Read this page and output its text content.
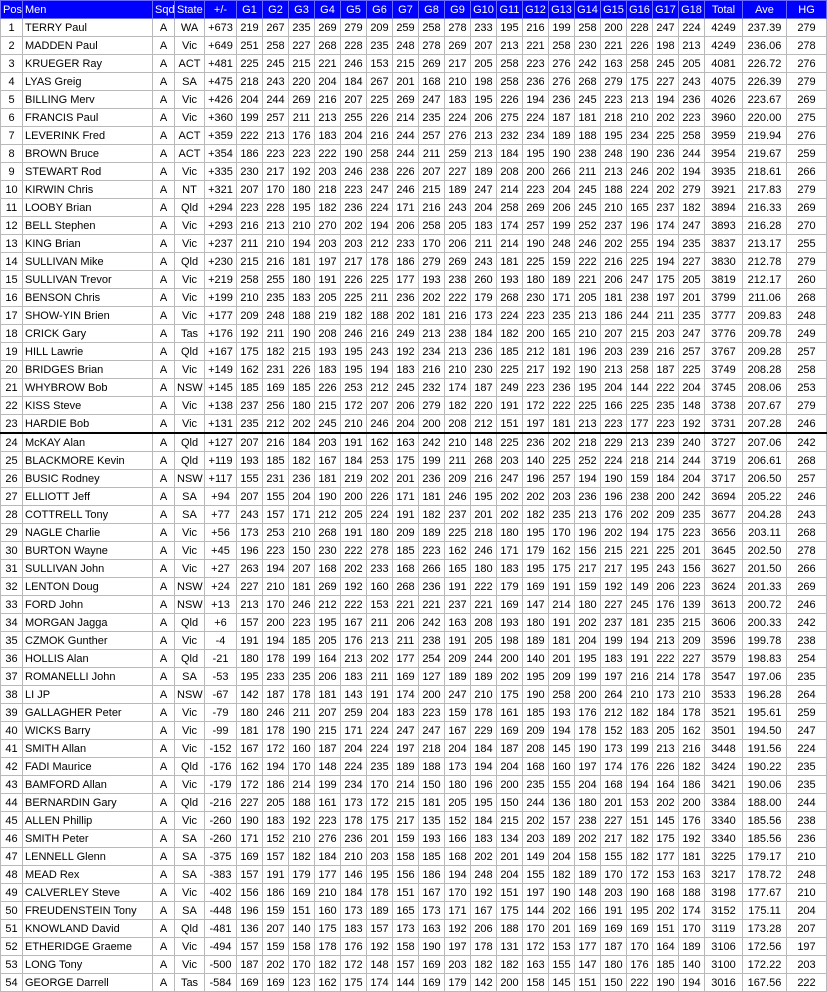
Pos	Men	Sqd	State	+/-	G1	G2	G3	G4	G5	G6	G7	G8	G9	G10	G11	G12	G13	G14	G15	G16	G17	G18	Total	Ave	HG
1	TERRY Paul	A	WA	+673	219	267	235	269	279	209	259	258	278	233	195	216	199	258	200	228	247	224	4249	237.39	279
2	MADDEN Paul	A	Vic	+649	251	258	227	268	228	235	248	278	269	207	213	221	258	230	221	226	198	213	4249	236.06	278
3	KRUEGER Ray	A	ACT	+481	225	245	215	221	246	153	215	269	217	205	258	223	276	242	163	258	245	205	4081	226.72	276
4	LYAS Greig	A	SA	+475	218	243	220	204	184	267	201	168	210	198	258	236	276	268	279	175	227	243	4075	226.39	279
5	BILLING Merv	A	Vic	+426	204	244	269	216	207	225	269	247	183	195	226	194	236	245	223	213	194	236	4026	223.67	269
6	FRANCIS Paul	A	Vic	+360	199	257	211	213	255	226	214	235	224	206	275	224	187	181	218	210	202	223	3960	220.00	275
7	LEVERINK Fred	A	ACT	+359	222	213	176	183	204	216	244	257	276	213	232	234	189	188	195	234	225	258	3959	219.94	276
8	BROWN Bruce	A	ACT	+354	186	223	223	222	190	258	244	211	259	213	184	195	190	238	248	190	236	244	3954	219.67	259
9	STEWART Rod	A	Vic	+335	230	217	192	203	246	238	226	207	227	189	208	200	266	211	213	246	202	194	3935	218.61	266
10	KIRWIN Chris	A	NT	+321	207	170	180	218	223	247	246	215	189	247	214	223	204	245	188	224	202	279	3921	217.83	279
11	LOOBY Brian	A	Qld	+294	223	228	195	182	236	224	171	216	243	204	258	269	206	245	210	165	237	182	3894	216.33	269
12	BELL Stephen	A	Vic	+293	216	213	210	270	202	194	206	258	205	183	174	257	199	252	237	196	174	247	3893	216.28	270
13	KING Brian	A	Vic	+237	211	210	194	203	203	212	233	170	206	211	214	190	248	246	202	255	194	235	3837	213.17	255
14	SULLIVAN Mike	A	Qld	+230	215	216	181	197	217	178	186	279	269	243	181	225	159	222	216	225	194	227	3830	212.78	279
15	SULLIVAN Trevor	A	Vic	+219	258	255	180	191	226	225	177	193	238	260	193	180	189	221	206	247	175	205	3819	212.17	260
16	BENSON Chris	A	Vic	+199	210	235	183	205	225	211	236	202	222	179	268	230	171	205	181	238	197	201	3799	211.06	268
17	SHOW-YIN Brien	A	Vic	+177	209	248	188	219	182	188	202	181	216	173	224	223	235	213	186	244	211	235	3777	209.83	248
18	CRICK Gary	A	Tas	+176	192	211	190	208	246	216	249	213	238	184	182	200	165	210	207	215	203	247	3776	209.78	249
19	HILL Lawrie	A	Qld	+167	175	182	215	193	195	243	192	234	213	236	185	212	181	196	203	239	216	257	3767	209.28	257
20	BRIDGES Brian	A	Vic	+149	162	231	226	183	195	194	183	216	210	230	225	217	192	190	213	258	187	225	3749	208.28	258
21	WHYBROW Bob	A	NSW	+145	185	169	185	226	253	212	245	232	174	187	249	223	236	195	204	144	222	204	3745	208.06	253
22	KISS Steve	A	Vic	+138	237	256	180	215	172	207	206	279	182	220	191	172	222	225	166	225	235	148	3738	207.67	279
23	HARDIE Bob	A	Vic	+131	235	212	202	245	210	246	204	200	208	212	151	197	181	213	223	177	223	192	3731	207.28	246
24	McKAY Alan	A	Qld	+127	207	216	184	203	191	162	163	242	210	148	225	236	202	218	229	213	239	240	3727	207.06	242
25	BLACKMORE Kevin	A	Qld	+119	193	185	182	167	184	253	175	199	211	268	203	140	225	252	224	218	214	244	3719	206.61	268
26	BUSIC Rodney	A	NSW	+117	155	231	236	181	219	202	201	236	209	216	247	196	257	194	190	159	184	204	3717	206.50	257
27	ELLIOTT Jeff	A	SA	+94	207	155	204	190	200	226	171	181	246	195	202	202	203	236	196	238	200	242	3694	205.22	246
28	COTTRELL Tony	A	SA	+77	243	157	171	212	205	224	191	182	237	201	202	182	235	213	176	202	209	235	3677	204.28	243
29	NAGLE Charlie	A	Vic	+56	173	253	210	268	191	180	209	189	225	218	180	195	170	196	202	194	175	223	3656	203.11	268
30	BURTON Wayne	A	Vic	+45	196	223	150	230	222	278	185	223	162	246	171	179	162	156	215	221	225	201	3645	202.50	278
31	SULLIVAN John	A	Vic	+27	263	194	207	168	202	233	168	266	165	180	183	195	175	217	217	195	243	156	3627	201.50	266
32	LENTON Doug	A	NSW	+24	227	210	181	269	192	160	268	236	191	222	179	169	191	159	192	149	206	223	3624	201.33	269
33	FORD John	A	NSW	+13	213	170	246	212	222	153	221	221	237	221	169	147	214	180	227	245	176	139	3613	200.72	246
34	MORGAN Jagga	A	Qld	+6	157	200	223	195	167	211	206	242	163	208	193	180	191	202	237	181	235	215	3606	200.33	242
35	CZMOK Gunther	A	Vic	-4	191	194	185	205	176	213	211	238	191	205	198	189	181	204	199	194	213	209	3596	199.78	238
36	HOLLIS Alan	A	Qld	-21	180	178	199	164	213	202	177	254	209	244	200	140	201	195	183	191	222	227	3579	198.83	254
37	ROMANELLI John	A	SA	-53	195	233	235	206	183	211	169	127	189	189	202	195	209	199	197	216	214	178	3547	197.06	235
38	LI JP	A	NSW	-67	142	187	178	181	143	191	174	200	247	210	175	190	258	200	264	210	173	210	3533	196.28	264
39	GALLAGHER Peter	A	Vic	-79	180	246	211	207	259	204	183	223	159	178	161	185	193	176	212	182	184	178	3521	195.61	259
40	WICKS Barry	A	Vic	-99	181	178	190	215	171	224	247	247	167	229	169	209	194	178	152	183	205	162	3501	194.50	247
41	SMITH Allan	A	Vic	-152	167	172	160	187	204	224	197	218	204	184	187	208	145	190	173	199	213	216	3448	191.56	224
42	FADI Maurice	A	Qld	-176	162	194	170	148	224	235	189	188	173	194	204	168	160	197	174	176	226	182	3424	190.22	235
43	BAMFORD Allan	A	Vic	-179	172	186	214	199	234	170	214	150	180	196	200	235	155	204	168	194	164	186	3421	190.06	235
44	BERNARDIN Gary	A	Qld	-216	227	205	188	161	173	172	215	181	205	195	150	244	136	180	201	153	202	200	3384	188.00	244
45	ALLEN Phillip	A	Vic	-260	190	183	192	223	178	175	217	135	152	184	215	202	157	238	227	151	145	176	3340	185.56	238
46	SMITH Peter	A	SA	-260	171	152	210	276	236	201	159	193	166	183	134	203	189	202	217	182	175	192	3340	185.56	236
47	LENNELL Glenn	A	SA	-375	169	157	182	184	210	203	158	185	168	202	201	149	204	158	155	182	177	181	3225	179.17	210
48	MEAD Rex	A	SA	-383	157	191	179	177	146	195	156	186	194	248	204	155	182	189	170	172	153	163	3217	178.72	248
49	CALVERLEY Steve	A	Vic	-402	156	186	169	210	184	178	151	167	170	192	151	197	190	148	203	190	168	188	3198	177.67	210
50	FREUDENSTEIN Tony	A	SA	-448	196	159	151	160	173	189	165	173	171	167	175	144	202	166	191	195	202	174	3152	175.11	204
51	KNOWLAND David	A	Qld	-481	136	207	140	175	183	157	173	163	192	206	188	170	201	169	169	169	151	170	3119	173.28	207
52	ETHERIDGE Graeme	A	Vic	-494	157	159	158	178	176	192	158	190	197	178	131	172	153	177	187	170	164	189	3106	172.56	197
53	LONG Tony	A	Vic	-500	187	202	170	182	172	148	157	169	203	182	182	163	155	147	180	176	185	140	3100	172.22	203
54	GEORGE Darrell	A	Tas	-584	169	169	123	162	175	174	144	169	179	142	200	158	145	151	150	222	190	194	3016	167.56	222
